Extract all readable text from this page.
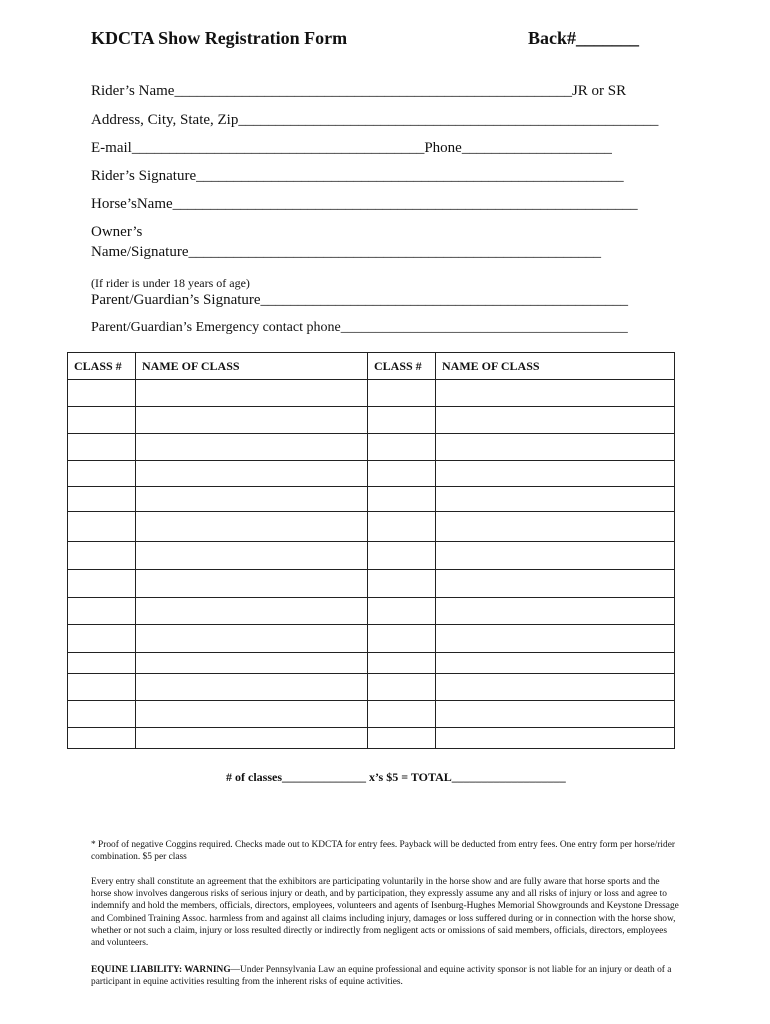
KDCTA Show Registration Form	Back#_______
Rider’s Name_____________________________________________________JR or SR
Address, City, State, Zip________________________________________________________
E-mail_______________________________________Phone____________________
Rider’s Signature_________________________________________________________
Horse’sName______________________________________________________________
Owner’s
Name/Signature_______________________________________________________
(If rider is under 18 years of age)
Parent/Guardian’s Signature_________________________________________________
Parent/Guardian’s Emergency contact phone_________________________________________
CLASS #	NAME OF CLASS	CLASS #	NAME OF CLASS

# of classes______________ x’s $5 = TOTAL___________________
* Proof of negative Coggins required. Checks made out to KDCTA for entry fees. Payback will be deducted from entry fees. One entry form per horse/rider combination. $5 per class
Every entry shall constitute an agreement that the exhibitors are participating voluntarily in the horse show and are fully aware that horse sports and the horse show involves dangerous risks of serious injury or death, and by participation, they expressly assume any and all risks of injury or loss and agree to indemnify and hold the members, officials, directors, employees, volunteers and agents of Isenburg-Hughes Memorial Showgrounds and Keystone Dressage and Combined Training Assoc. harmless from and against all claims including injury, damages or loss suffered during or in connection with the horse show, whether or not such a claim, injury or loss resulted directly or indirectly from negligent acts or omissions of said members, officials, directors, employees and volunteers.
EQUINE LIABILITY: WARNING—Under Pennsylvania Law an equine professional and equine activity sponsor is not liable for an injury or death of a participant in equine activities resulting from the inherent risks of equine activities.
